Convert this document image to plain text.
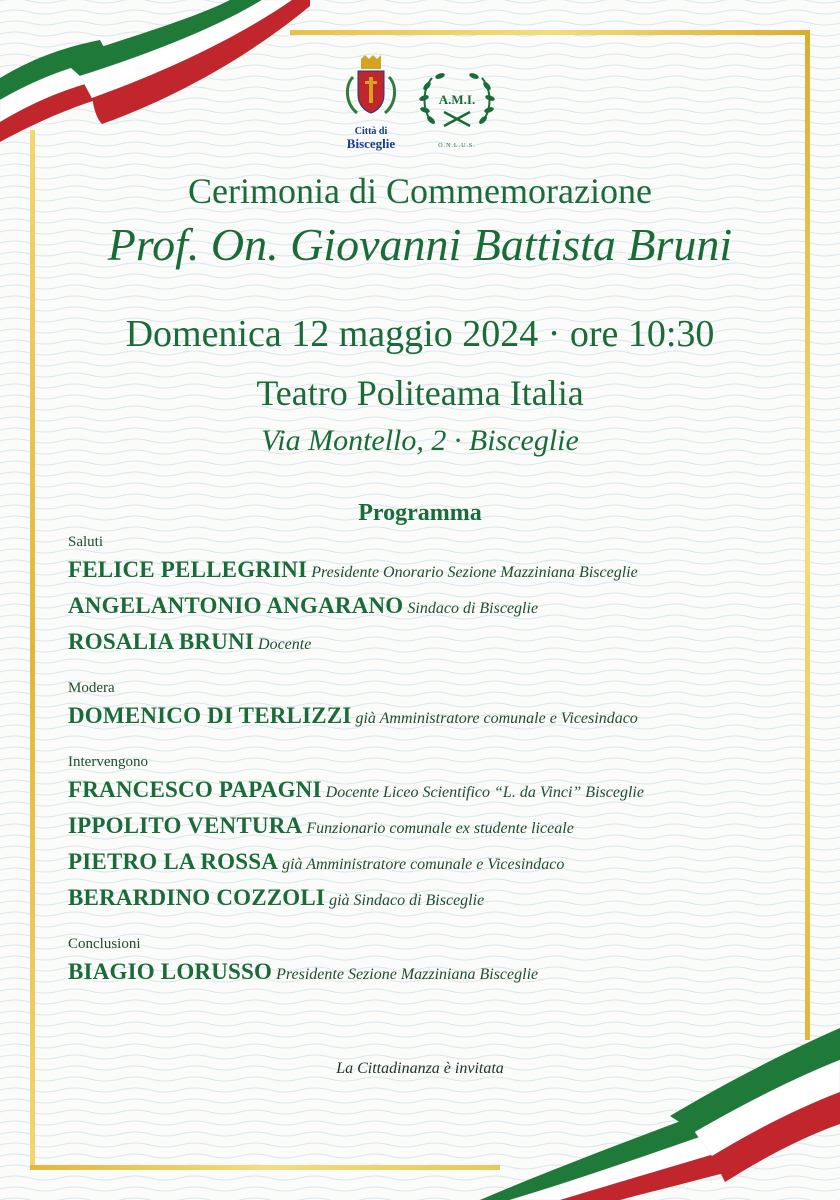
Città di
Bisceglie
A.M.I.
O.N.L.U.S.
Cerimonia di Commemorazione
Prof. On. Giovanni Battista Bruni
Domenica 12 maggio 2024 · ore 10:30
Teatro Politeama Italia
Via Montello, 2 · Bisceglie
Programma
Saluti
FELICE PELLEGRINI Presidente Onorario Sezione Mazziniana Bisceglie
ANGELANTONIO ANGARANO Sindaco di Bisceglie
ROSALIA BRUNI Docente
Modera
DOMENICO DI TERLIZZI già Amministratore comunale e Vicesindaco
Intervengono
FRANCESCO PAPAGNI Docente Liceo Scientifico “L. da Vinci” Bisceglie
IPPOLITO VENTURA Funzionario comunale ex studente liceale
PIETRO LA ROSSA già Amministratore comunale e Vicesindaco
BERARDINO COZZOLI già Sindaco di Bisceglie
Conclusioni
BIAGIO LORUSSO Presidente Sezione Mazziniana Bisceglie
La Cittadinanza è invitata
